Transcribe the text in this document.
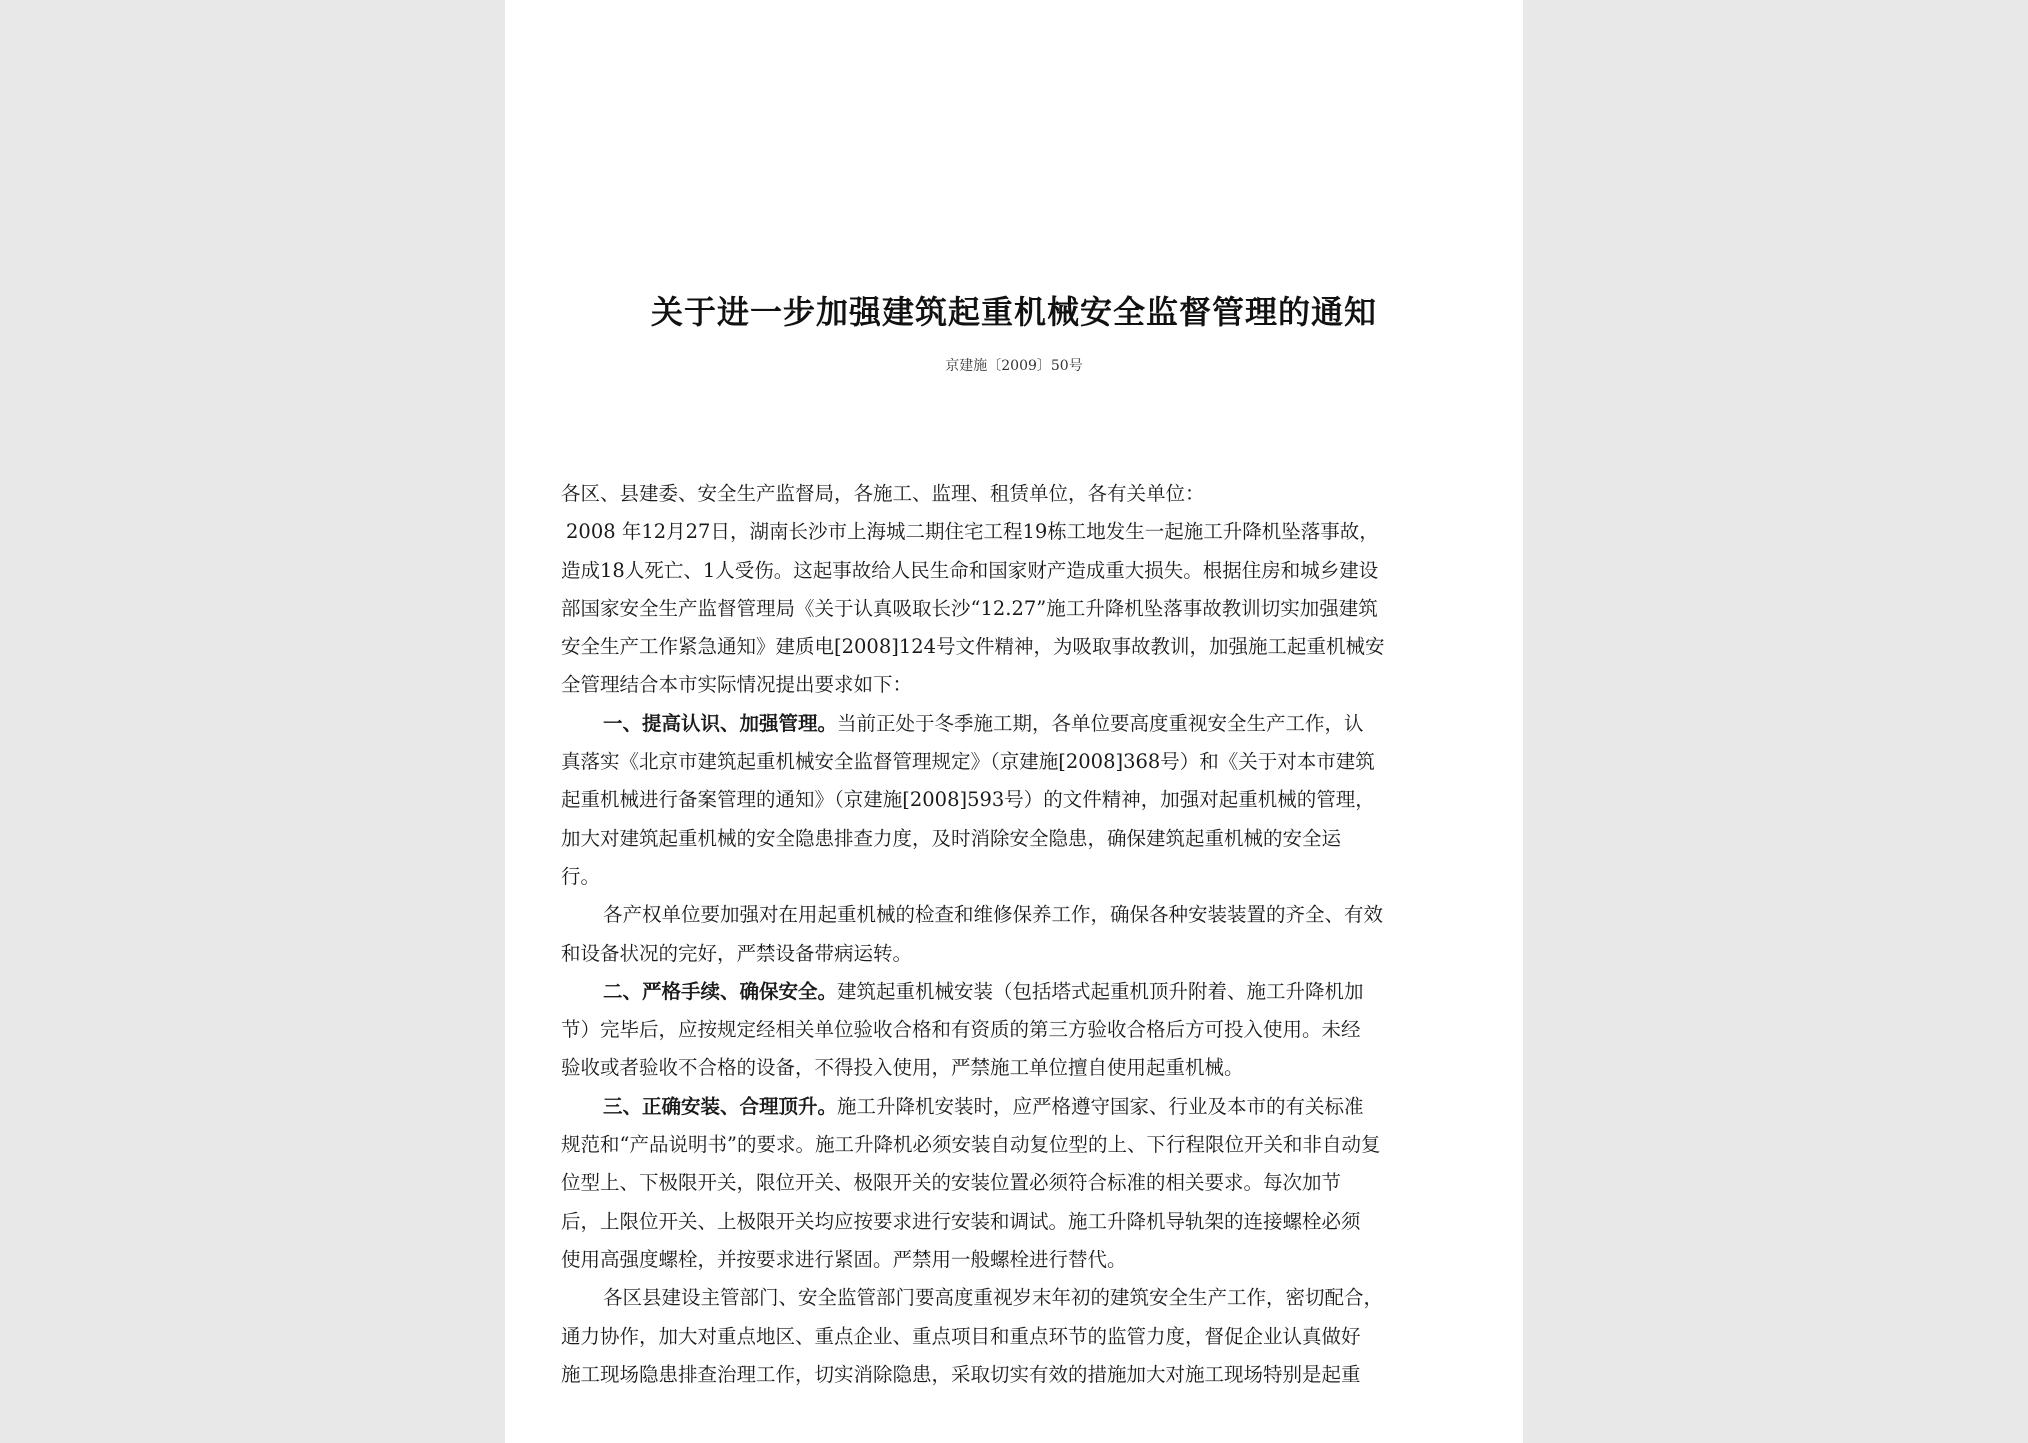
关于进一步加强建筑起重机械安全监督管理的通知
京建施〔2009〕50号
各区、县建委、安全生产监督局，各施工、监理、租赁单位，各有关单位：
2008 年12月27日，湖南长沙市上海城二期住宅工程19栋工地发生一起施工升降机坠落事故，
造成18人死亡、1人受伤。这起事故给人民生命和国家财产造成重大损失。根据住房和城乡建设
部国家安全生产监督管理局《关于认真吸取长沙“12.27”施工升降机坠落事故教训切实加强建筑
安全生产工作紧急通知》建质电[2008]124号文件精神，为吸取事故教训，加强施工起重机械安
全管理结合本市实际情况提出要求如下：
一、提高认识、加强管理。当前正处于冬季施工期，各单位要高度重视安全生产工作，认
真落实《北京市建筑起重机械安全监督管理规定》（京建施[2008]368号）和《关于对本市建筑
起重机械进行备案管理的通知》（京建施[2008]593号）的文件精神，加强对起重机械的管理，
加大对建筑起重机械的安全隐患排查力度，及时消除安全隐患，确保建筑起重机械的安全运
行。
各产权单位要加强对在用起重机械的检查和维修保养工作，确保各种安装装置的齐全、有效
和设备状况的完好，严禁设备带病运转。
二、严格手续、确保安全。建筑起重机械安装（包括塔式起重机顶升附着、施工升降机加
节）完毕后，应按规定经相关单位验收合格和有资质的第三方验收合格后方可投入使用。未经
验收或者验收不合格的设备，不得投入使用，严禁施工单位擅自使用起重机械。
三、正确安装、合理顶升。施工升降机安装时，应严格遵守国家、行业及本市的有关标准
规范和“产品说明书”的要求。施工升降机必须安装自动复位型的上、下行程限位开关和非自动复
位型上、下极限开关，限位开关、极限开关的安装位置必须符合标准的相关要求。每次加节
后，上限位开关、上极限开关均应按要求进行安装和调试。施工升降机导轨架的连接螺栓必须
使用高强度螺栓，并按要求进行紧固。严禁用一般螺栓进行替代。
各区县建设主管部门、安全监管部门要高度重视岁末年初的建筑安全生产工作，密切配合，
通力协作，加大对重点地区、重点企业、重点项目和重点环节的监管力度，督促企业认真做好
施工现场隐患排查治理工作，切实消除隐患，采取切实有效的措施加大对施工现场特别是起重
